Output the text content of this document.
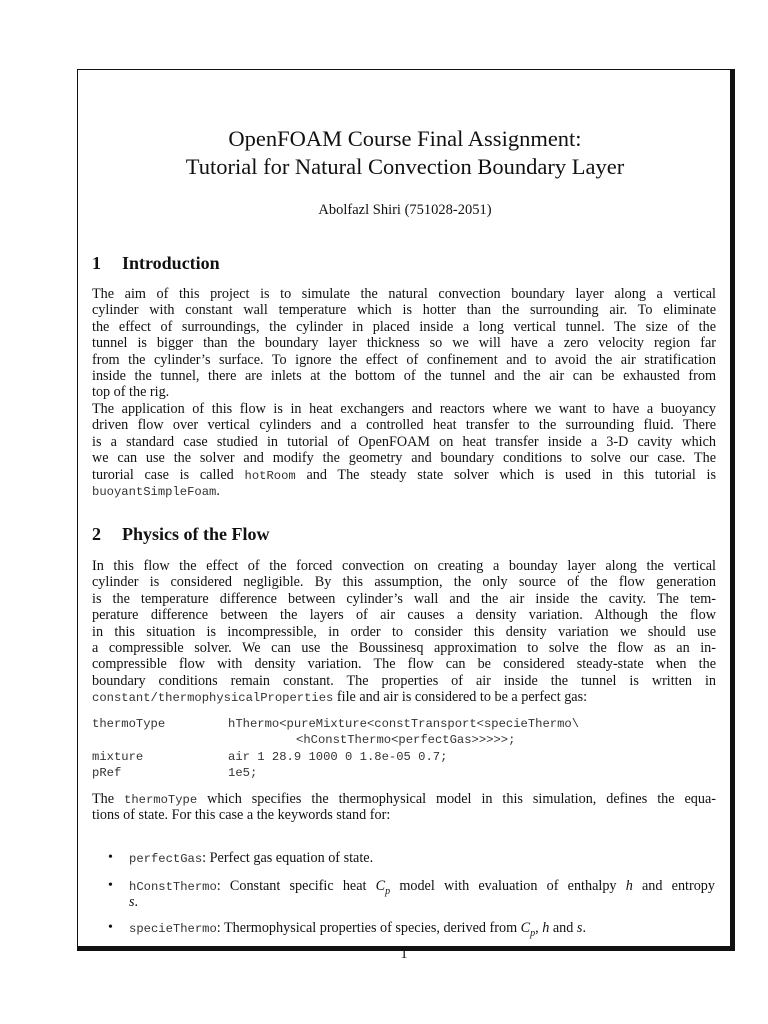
OpenFOAM Course Final Assignment:
Tutorial for Natural Convection Boundary Layer
Abolfazl Shiri (751028-2051)
1 Introduction
The aim of this project is to simulate the natural convection boundary layer along a vertical
cylinder with constant wall temperature which is hotter than the surrounding air. To eliminate
the effect of surroundings, the cylinder in placed inside a long vertical tunnel. The size of the
tunnel is bigger than the boundary layer thickness so we will have a zero velocity region far
from the cylinder’s surface. To ignore the effect of confinement and to avoid the air stratification
inside the tunnel, there are inlets at the bottom of the tunnel and the air can be exhausted from
top of the rig.
The application of this flow is in heat exchangers and reactors where we want to have a buoyancy
driven flow over vertical cylinders and a controlled heat transfer to the surrounding fluid. There
is a standard case studied in tutorial of OpenFOAM on heat transfer inside a 3-D cavity which
we can use the solver and modify the geometry and boundary conditions to solve our case. The
turorial case is called hotRoom and The steady state solver which is used in this tutorial is
buoyantSimpleFoam.
2 Physics of the Flow
In this flow the effect of the forced convection on creating a bounday layer along the vertical
cylinder is considered negligible. By this assumption, the only source of the flow generation
is the temperature difference between cylinder’s wall and the air inside the cavity. The tem-
perature difference between the layers of air causes a density variation. Although the flow
in this situation is incompressible, in order to consider this density variation we should use
a compressible solver. We can use the Boussinesq approximation to solve the flow as an in-
compressible flow with density variation. The flow can be considered steady-state when the
boundary conditions remain constant. The properties of air inside the tunnel is written in
constant/thermophysicalProperties file and air is considered to be a perfect gas:
thermoType	hThermo<pureMixture<constTransport<specieThermo\
<hConstThermo<perfectGas>>>>>;
mixture	air 1 28.9 1000 0 1.8e-05 0.7;
pRef	1e5;
The thermoType which specifies the thermophysical model in this simulation, defines the equa-
tions of state. For this case a the keywords stand for:
•	perfectGas: Perfect gas equation of state.
•	hConstThermo: Constant specific heat $C_p$ model with evaluation of enthalpy h and entropy
s.
•	specieThermo: Thermophysical properties of species, derived from $C_p$, h and s.
1
